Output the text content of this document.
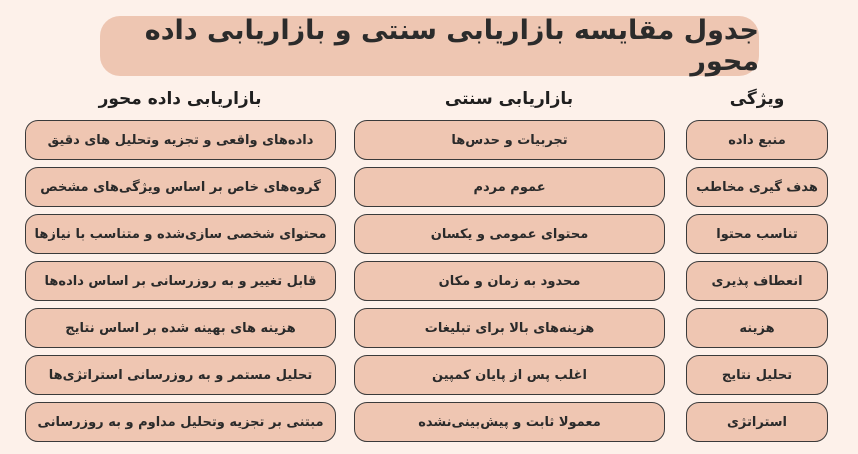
جدول مقایسه بازاریابی سنتی و بازاریابی داده محور
ویژگی
بازاریابی سنتی
بازاریابی داده محور
منبع داده
تجربیات و حدس‌ها
داده‌های واقعی و تجزیه وتحلیل های دقیق
هدف گیری مخاطب
عموم مردم
گروه‌های خاص بر اساس ویژگی‌های مشخص
تناسب محتوا
محتوای عمومی و یکسان
محتوای شخصی سازی‌شده و متناسب با نیازها
انعطاف پذیری
محدود به زمان و مکان
قابل تغییر و به روزرسانی بر اساس داده‌ها
هزینه
هزینه‌های بالا برای تبلیغات
هزینه های بهینه شده بر اساس نتایج
تحلیل نتایج
اغلب پس از پایان کمپین
تحلیل مستمر و به روزرسانی استراتژی‌ها
استراتژی
معمولا ثابت و پیش‌بینی‌نشده
مبتنی بر تجزیه وتحلیل مداوم و به روزرسانی
